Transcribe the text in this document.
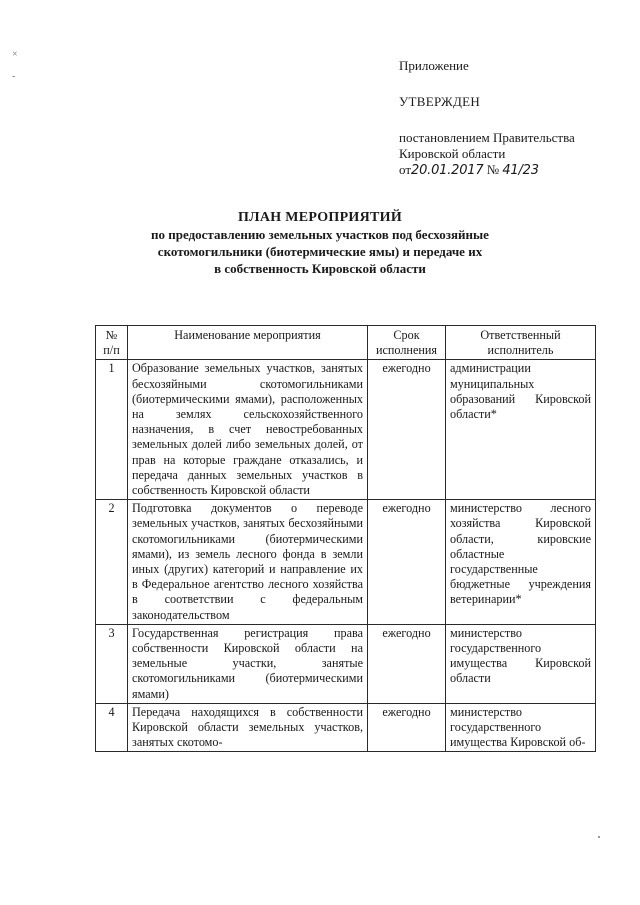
×
-

Приложение

УТВЕРЖДЕН

постановлением Правительства

Кировской области

от20.01.2017 № 41/23

ПЛАН МЕРОПРИЯТИЙ
по предоставлению земельных участков под бесхозяйные
скотомогильники (биотермические ямы) и передаче их
в собственность Кировской области
№ п/п	Наименование мероприятия	Срок исполнения	Ответственный исполнитель
1	Образование земельных участков, занятых бесхозяйными скотомогильниками (биотермическими ямами), расположенных на землях сельскохозяйственного назначения, в счет невостребованных земельных долей либо земельных долей, от прав на которые граждане отказались, и передача данных земельных участков в собственность Кировской области	ежегодно	администрации муниципальных образований Кировской области*
2	Подготовка документов о переводе земельных участков, занятых бесхозяйными скотомогильниками (биотермическими ямами), из земель лесного фонда в земли иных (других) категорий и направление их в Федеральное агентство лесного хозяйства в соответствии с федеральным законодательством	ежегодно	министерство лесного хозяйства Кировской области, кировские областные государственные бюджетные учреждения ветеринарии*
3	Государственная регистрация права собственности Кировской области на земельные участки, занятые скотомогильниками (биотермическими ямами)	ежегодно	министерство государственного имущества Кировской области
4	Передача находящихся в собственности Кировской области земельных участков, занятых скотомо-	ежегодно	министерство государственного имущества Кировской об-
